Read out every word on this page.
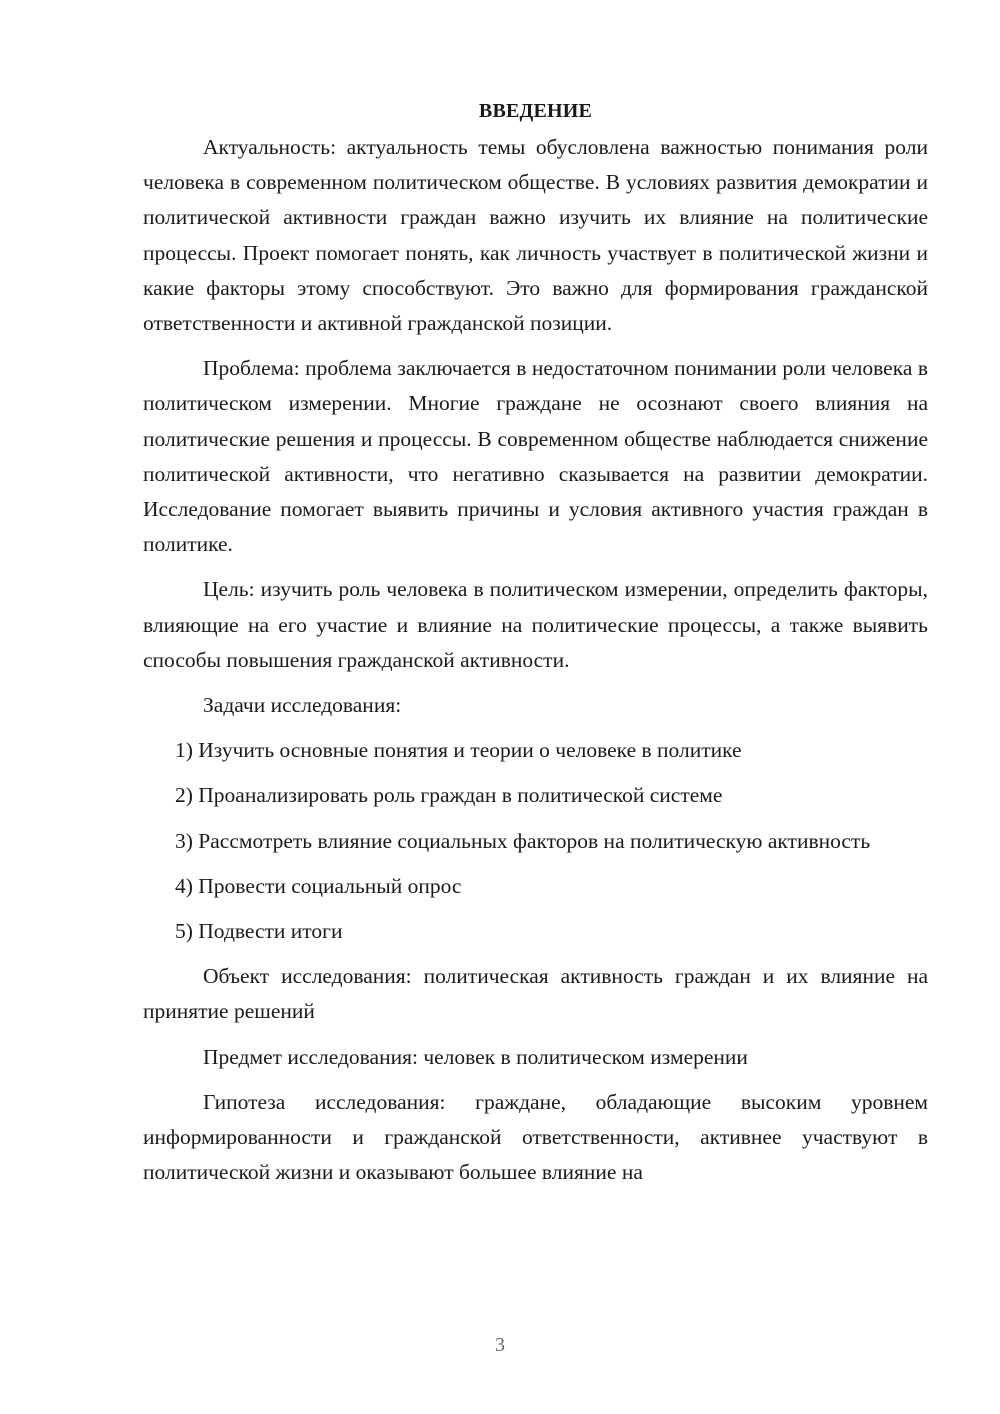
ВВЕДЕНИЕ

Актуальность: актуальность темы обусловлена важностью понимания роли человека в современном политическом обществе. В условиях развития демократии и политической активности граждан важно изучить их влияние на политические процессы. Проект помогает понять, как личность участвует в политической жизни и какие факторы этому способствуют. Это важно для формирования гражданской ответственности и активной гражданской позиции.

Проблема: проблема заключается в недостаточном понимании роли человека в политическом измерении. Многие граждане не осознают своего влияния на политические решения и процессы. В современном обществе наблюдается снижение политической активности, что негативно сказывается на развитии демократии. Исследование помогает выявить причины и условия активного участия граждан в политике.

Цель: изучить роль человека в политическом измерении, определить факторы, влияющие на его участие и влияние на политические процессы, а также выявить способы повышения гражданской активности.

Задачи исследования:

1) Изучить основные понятия и теории о человеке в политике

2) Проанализировать роль граждан в политической системе

3) Рассмотреть влияние социальных факторов на политическую активность

4) Провести социальный опрос

5) Подвести итоги

Объект исследования: политическая активность граждан и их влияние на принятие решений

Предмет исследования: человек в политическом измерении

Гипотеза исследования: граждане, обладающие высоким уровнем информированности и гражданской ответственности, активнее участвуют в политической жизни и оказывают большее влияние на

3
